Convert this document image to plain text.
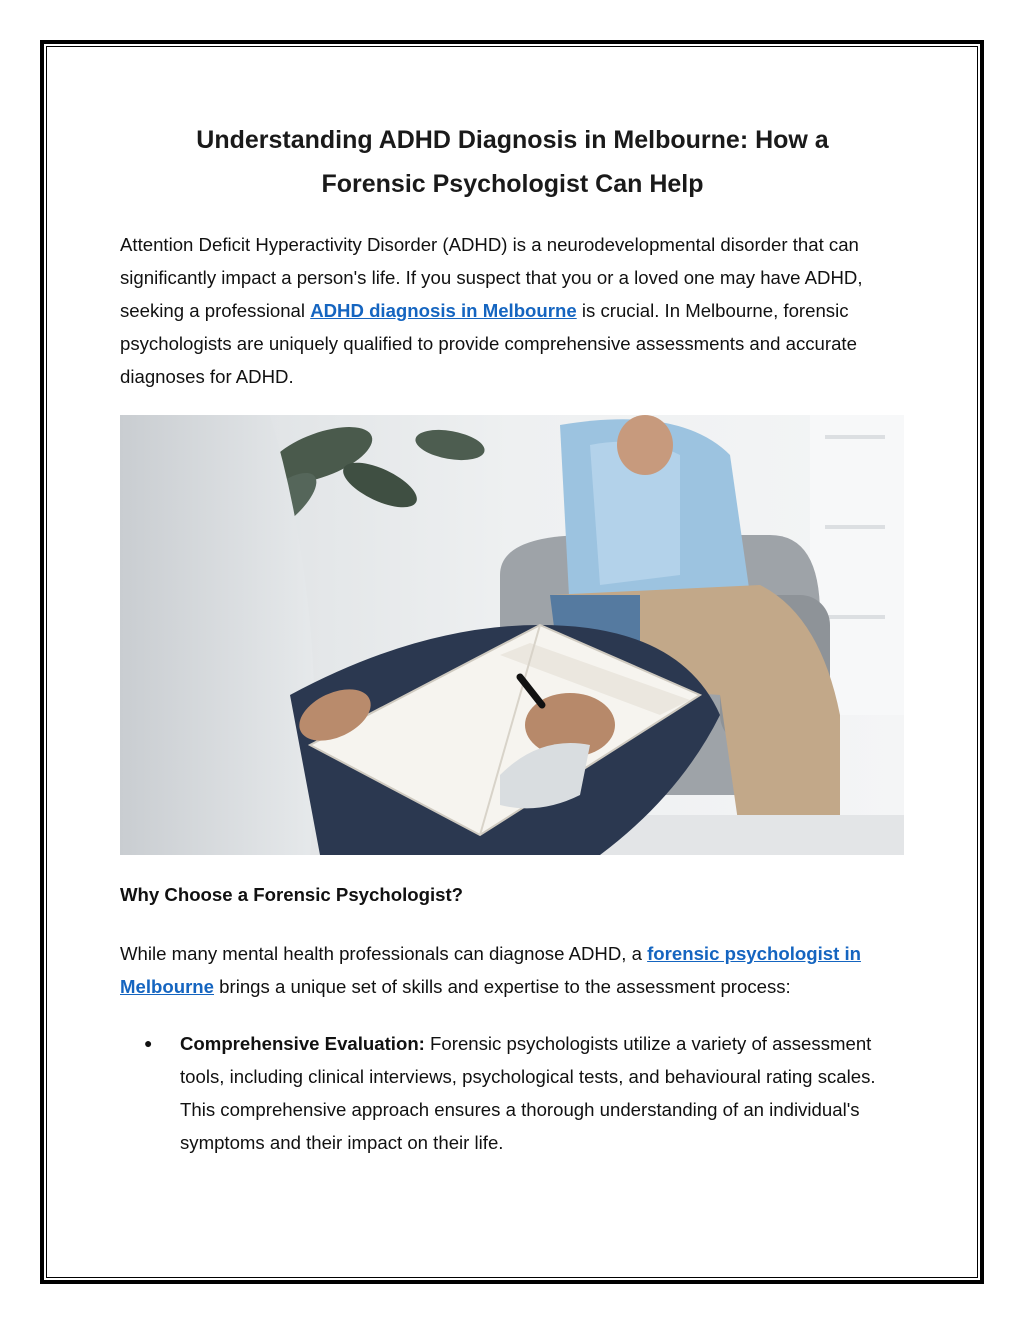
Understanding ADHD Diagnosis in Melbourne: How a
Forensic Psychologist Can Help

Attention Deficit Hyperactivity Disorder (ADHD) is a neurodevelopmental disorder that can significantly impact a person's life. If you suspect that you or a loved one may have ADHD, seeking a professional ADHD diagnosis in Melbourne is crucial. In Melbourne, forensic psychologists are uniquely qualified to provide comprehensive assessments and accurate diagnoses for ADHD.

Why Choose a Forensic Psychologist?

While many mental health professionals can diagnose ADHD, a forensic psychologist in Melbourne brings a unique set of skills and expertise to the assessment process:

● Comprehensive Evaluation: Forensic psychologists utilize a variety of assessment tools, including clinical interviews, psychological tests, and behavioural rating scales. This comprehensive approach ensures a thorough understanding of an individual's symptoms and their impact on their life.
